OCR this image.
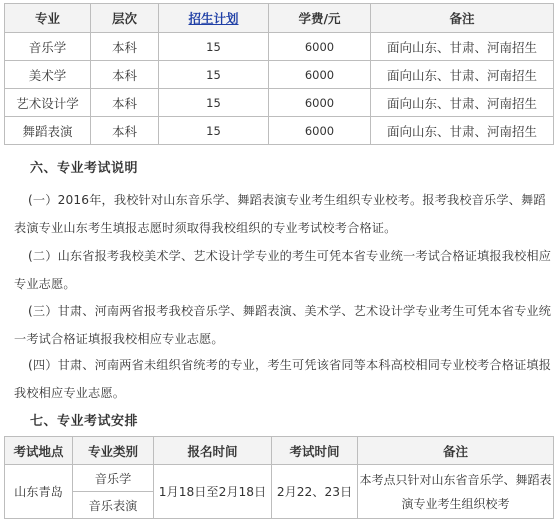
专业	层次	招生计划	学费/元	备注
音乐学	本科	15	6000	面向山东、甘肃、河南招生
美术学	本科	15	6000	面向山东、甘肃、河南招生
艺术设计学	本科	15	6000	面向山东、甘肃、河南招生
舞蹈表演	本科	15	6000	面向山东、甘肃、河南招生
六、专业考试说明
(一）2016年，我校针对山东音乐学、舞蹈表演专业考生组织专业校考。报考我校音乐学、舞蹈表演专业山东考生填报志愿时须取得我校组织的专业考试校考合格证。
(二）山东省报考我校美术学、艺术设计学专业的考生可凭本省专业统一考试合格证填报我校相应专业志愿。
(三）甘肃、河南两省报考我校音乐学、舞蹈表演、美术学、艺术设计学专业考生可凭本省专业统一考试合格证填报我校相应专业志愿。
(四）甘肃、河南两省未组织省统考的专业，考生可凭该省同等本科高校相同专业校考合格证填报我校相应专业志愿。
七、专业考试安排
考试地点	专业类别	报名时间	考试时间	备注
山东青岛	音乐学	1月18日至2月18日	2月22、23日	本考点只针对山东省音乐学、舞蹈表演专业考生组织校考
	音乐表演			
